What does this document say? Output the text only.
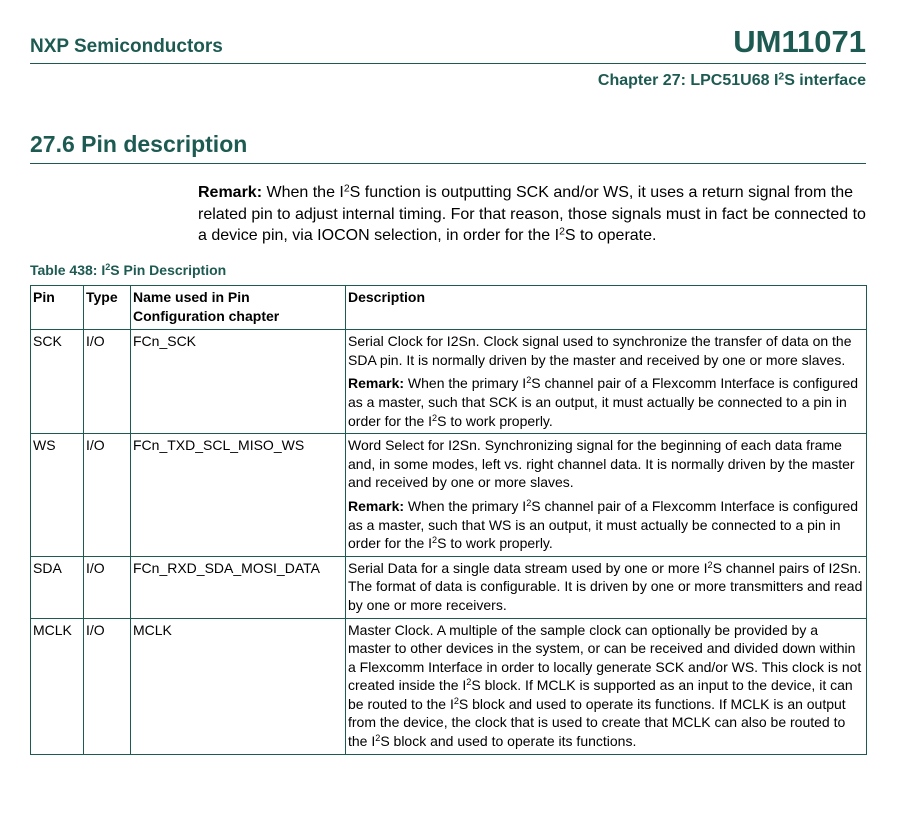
NXP Semiconductors	UM11071
Chapter 27: LPC51U68 $I^2S$ interface
27.6 Pin description
Remark: When the $I^2S$ function is outputting SCK and/or WS, it uses a return signal from the related pin to adjust internal timing. For that reason, those signals must in fact be connected to a device pin, via IOCON selection, in order for the $I^2S$ to operate.
Table 438: $I^2S$ Pin Description
Pin	Type	Name used in Pin Configuration chapter	Description
SCK	I/O	FCn_SCK	Serial Clock for I2Sn. Clock signal used to synchronize the transfer of data on the SDA pin. It is normally driven by the master and received by one or more slaves.
Remark: When the primary $I^2S$ channel pair of a Flexcomm Interface is configured as a master, such that SCK is an output, it must actually be connected to a pin in order for the $I^2S$ to work properly.

WS	I/O	FCn_TXD_SCL_MISO_WS	Word Select for I2Sn. Synchronizing signal for the beginning of each data frame and, in some modes, left vs. right channel data. It is normally driven by the master and received by one or more slaves.
Remark: When the primary $I^2S$ channel pair of a Flexcomm Interface is configured as a master, such that WS is an output, it must actually be connected to a pin in order for the $I^2S$ to work properly.

SDA	I/O	FCn_RXD_SDA_MOSI_DATA	Serial Data for a single data stream used by one or more $I^2S$ channel pairs of I2Sn. The format of data is configurable. It is driven by one or more transmitters and read by one or more receivers.
MCLK	I/O	MCLK	Master Clock. A multiple of the sample clock can optionally be provided by a master to other devices in the system, or can be received and divided down within a Flexcomm Interface in order to locally generate SCK and/or WS. This clock is not created inside the $I^2S$ block. If MCLK is supported as an input to the device, it can be routed to the $I^2S$ block and used to operate its functions. If MCLK is an output from the device, the clock that is used to create that MCLK can also be routed to the $I^2S$ block and used to operate its functions.
